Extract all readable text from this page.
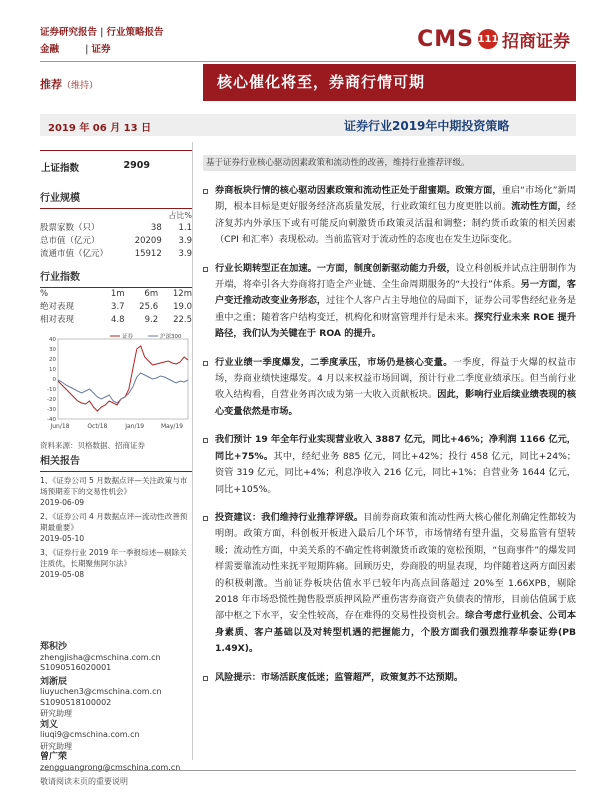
证券研究报告 | 行业策略报告
金融	| 证券	CMS 111 招商证券
推荐（维持）	核心催化将至，券商行情可期
2019 年 06 月 13 日	证券行业2019年中期投资策略
上证指数	2909
行业规模
		占比%
股票家数（只）	38	1.1
总市值（亿元）	20209	3.9
流通市值（亿元）	15912	3.9
行业指数
%	1m	6m	12m
绝对表现	3.7	25.6	19.0
相对表现	4.8	9.2	22.5
40
30
20
10
0
-10
-20
-30
-40
Jun/18	Oct/18	Jan/19	May/19
证券	沪深300
资料来源：贝格数据、招商证券
相关报告
1、《证券公司 5 月数据点评—关注政策与市场预期差下的交易性机会》
2019-06-09
2、《证券公司 4 月数据点评—流动性改善预期最重要》
2019-05-10
3、《证券行业 2019 年一季报综述—剔除关注质优，长期聚焦阿尔法》
2019-05-08
郑积沙
zhengjisha@cmschina.com.cn
S1090516020001
刘淅辰
liuyuchen3@cmschina.com.cn
S1090518100002
研究助理
刘义
liuqi9@cmschina.com.cn
研究助理
曾广荣
zengguangrong@cmschina.com.cn
基于证券行业核心驱动因素政策和流动性的改善，维持行业推荐评级。
券商板块行情的核心驱动因素政策和流动性正处于甜蜜期。政策方面，重启“市场化”新周期，根本目标是更好服务经济高质量发展，行业政策红包力度更胜以前。流动性方面，经济复苏内外承压下或有可能反向刺激货币政策灵活温和调整；制约货币政策的相关因素（CPI 和汇率）表现松动。当前监管对于流动性的态度也在发生边际变化。
行业长期转型正在加速。一方面，制度创新驱动能力升级，设立科创板并试点注册制作为开端，将牵引各大券商将打造全产业链、全生命周期服务的“大投行”体系。另一方面，客户变迁推动改变业务形态，过往个人客户占主导地位的局面下，证券公司零售经纪业务是重中之重；随着客户结构变迁，机构化和财富管理并行是未来。探究行业未来 ROE 提升路径，我们认为关键在于 ROA 的提升。
行业业绩一季度爆发，二季度承压，市场仍是核心变量。一季度，得益于火爆的权益市场，券商业绩快速爆发。4 月以来权益市场回调，预计行业二季度业绩承压。但当前行业收入结构看，自营业务再次成为第一大收入贡献板块。因此，影响行业后续业绩表现的核心变量依然是市场。
我们预计 19 年全年行业实现营业收入 3887 亿元，同比+46%；净利润 1166 亿元，同比+75%。其中，经纪业务 885 亿元，同比+42%；投行 458 亿元，同比+24%；资管 319 亿元，同比+4%；利息净收入 216 亿元，同比+1%；自营业务 1644 亿元，同比+105%。
投资建议：我们维持行业推荐评级。目前券商政策和流动性两大核心催化剂确定性都较为明朗。政策方面，科创板开板进入最后几个环节，市场情绪有望升温，交易监管有望转暖；流动性方面，中美关系的不确定性将刺激货币政策的宽松预期，“包商事件”的爆发同样需要靠流动性来抚平短期阵痛。回顾历史，券商股的明显表现，均伴随着这两方面因素的积极刺激。当前证券板块估值水平已较年内高点回落超过 20%至 1.66XPB，剔除 2018 年市场恐慌性抛售股票质押风险严重伤害券商资产负债表的情形，目前估值属于底部中枢之下水平，安全性较高，存在难得的交易性投资机会。综合考虑行业机会、公司本身素质、客户基础以及对转型机遇的把握能力，个股方面我们强烈推荐华泰证券(PB 1.49X)。
风险提示：市场活跃度低迷；监管超严，政策复苏不达预期。
敬请阅读末页的重要说明
